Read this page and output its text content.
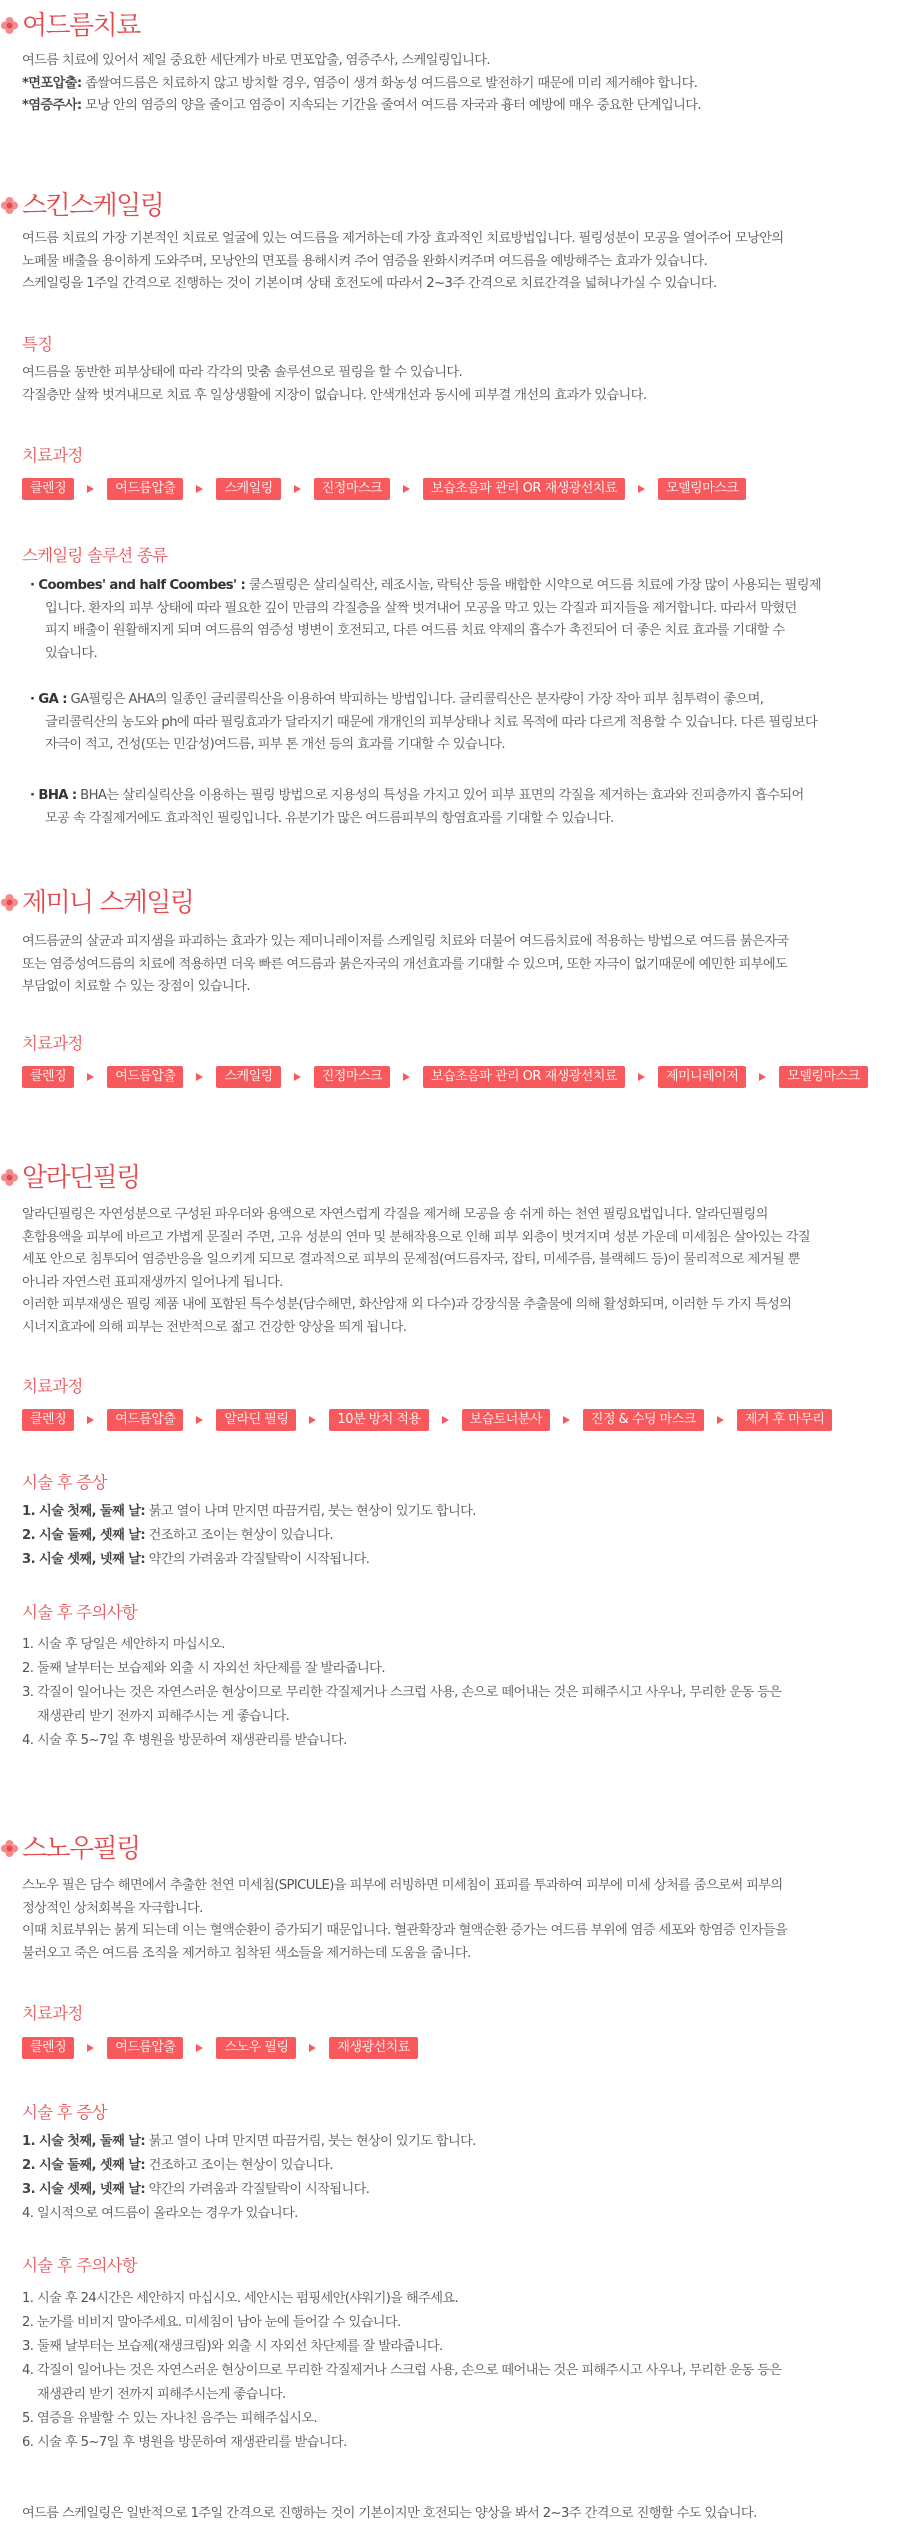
여드름치료

여드름 치료에 있어서 제일 중요한 세단계가 바로 면포압출, 염증주사, 스케일링입니다.
*면포압출: 좁쌀여드름은 치료하지 않고 방치할 경우, 염증이 생겨 화농성 여드름으로 발전하기 때문에 미리 제거해야 합니다.
*염증주사: 모낭 안의 염증의 양을 줄이고 염증이 지속되는 기간을 줄여서 여드름 자국과 흉터 예방에 매우 중요한 단계입니다.

스킨스케일링

여드름 치료의 가장 기본적인 치료로 얼굴에 있는 여드름을 제거하는데 가장 효과적인 치료방법입니다. 필링성분이 모공을 열어주어 모낭안의
노폐물 배출을 용이하게 도와주며, 모낭안의 면포를 용해시켜 주어 염증을 완화시켜주며 여드름을 예방해주는 효과가 있습니다.
스케일링을 1주일 간격으로 진행하는 것이 기본이며 상태 호전도에 따라서 2~3주 간격으로 치료간격을 넓혀나가실 수 있습니다.

특징

여드름을 동반한 피부상태에 따라 각각의 맞춤 솔루션으로 필링을 할 수 있습니다.
각질층만 살짝 벗겨내므로 치료 후 일상생활에 지장이 없습니다. 안색개선과 동시에 피부결 개선의 효과가 있습니다.

치료과정
클렌징	여드름압출	스케일링	진정마스크	보습초음파 관리 OR 재생광선치료	모델링마스크
스케일링 솔루션 종류

· Coombes' and half Coombes' : 쿨스필링은 살리실릭산, 레조시놀, 락틱산 등을 배합한 시약으로 여드름 치료에 가장 많이 사용되는 필링제
입니다. 환자의 피부 상태에 따라 필요한 깊이 만큼의 각질층을 살짝 벗겨내어 모공을 막고 있는 각질과 피지들을 제거합니다. 따라서 막혔던
피지 배출이 원활해지게 되며 여드름의 염증성 병변이 호전되고, 다른 여드름 치료 약제의 흡수가 촉진되어 더 좋은 치료 효과를 기대할 수
있습니다.

· GA : GA필링은 AHA의 일종인 글리콜릭산을 이용하여 박피하는 방법입니다. 글리콜릭산은 분자량이 가장 작아 피부 침투력이 좋으며,
글리콜릭산의 농도와 ph에 따라 필링효과가 달라지기 때문에 개개인의 피부상태나 치료 목적에 따라 다르게 적용할 수 있습니다. 다른 필링보다
자극이 적고, 건성(또는 민감성)여드름, 피부 톤 개선 등의 효과를 기대할 수 있습니다.

· BHA : BHA는 살리실릭산을 이용하는 필링 방법으로 지용성의 특성을 가지고 있어 피부 표면의 각질을 제거하는 효과와 진피층까지 흡수되어
모공 속 각질제거에도 효과적인 필링입니다. 유분기가 많은 여드름피부의 항염효과를 기대할 수 있습니다.

제미니 스케일링

여드름균의 살균과 피지샘을 파괴하는 효과가 있는 제미니레이저를 스케일링 치료와 더불어 여드름치료에 적용하는 방법으로 여드름 붉은자국
또는 염증성여드름의 치료에 적용하면 더욱 빠른 여드름과 붉은자국의 개선효과를 기대할 수 있으며, 또한 자극이 없기때문에 예민한 피부에도
부담없이 치료할 수 있는 장점이 있습니다.

치료과정
클렌징	여드름압출	스케일링	진정마스크	보습초음파 관리 OR 재생광선치료	제미니레이저	모델링마스크
알라딘필링

알라딘필링은 자연성분으로 구성된 파우더와 용액으로 자연스럽게 각질을 제거해 모공을 숑 쉬게 하는 천연 필링요법입니다. 알라딘필링의
혼합용액을 피부에 바르고 가볍게 문질러 주면, 고유 성분의 연마 및 분해작용으로 인해 피부 외층이 벗겨지며 성분 가운데 미세침은 살아있는 각질
세포 안으로 침투되어 염증반응을 일으키게 되므로 결과적으로 피부의 문제점(여드름자국, 잡티, 미세주름, 블랙헤드 등)이 물리적으로 제거될 뿐
아니라 자연스런 표피재생까지 일어나게 됩니다.
이러한 피부재생은 필링 제품 내에 포함된 특수성분(담수해면, 화산암재 외 다수)과 강장식물 추출물에 의해 활성화되며, 이러한 두 가지 특성의
시너지효과에 의해 피부는 전반적으로 젊고 건강한 양상을 띄게 됩니다.

치료과정
클렌징	여드름압출	알라딘 필링	10분 방치 적용	보습토너분사	진정 & 수딩 마스크	제거 후 마무리
시술 후 증상
1. 시술 첫째, 둘째 날: 붉고 열이 나며 만지면 따끔거림, 붓는 현상이 있기도 합니다.
2. 시술 둘째, 셋째 날: 건조하고 조이는 현상이 있습니다.
3. 시술 셋째, 넷째 날: 약간의 가려움과 각질탈락이 시작됩니다.
시술 후 주의사항
1. 시술 후 당일은 세안하지 마십시오.
2. 둘째 날부터는 보습제와 외출 시 자외선 차단제를 잘 발라줍니다.
3. 각질이 일어나는 것은 자연스러운 현상이므로 무리한 각질제거나 스크럽 사용, 손으로 떼어내는 것은 피해주시고 사우나, 무리한 운동 등은
재생관리 받기 전까지 피해주시는 게 좋습니다.
4. 시술 후 5~7일 후 병원을 방문하여 재생관리를 받습니다.
스노우필링

스노우 필은 담수 해면에서 추출한 천연 미세침(SPICULE)을 피부에 러빙하면 미세침이 표피를 투과하여 피부에 미세 상처를 줌으로써 피부의
정상적인 상처회복을 자극합니다.
이때 치료부위는 붉게 되는데 이는 혈액순환이 증가되기 때문입니다. 혈관확장과 혈액순환 증가는 여드름 부위에 염증 세포와 항염증 인자들을
불러오고 죽은 여드름 조직을 제거하고 침착된 색소들을 제거하는데 도움을 줍니다.

치료과정
클렌징	여드름압출	스노우 필링	재생광선치료
시술 후 증상
1. 시술 첫째, 둘째 날: 붉고 열이 나며 만지면 따끔거림, 붓는 현상이 있기도 합니다.
2. 시술 둘째, 셋째 날: 건조하고 조이는 현상이 있습니다.
3. 시술 셋째, 넷째 날: 약간의 가려움과 각질탈락이 시작됩니다.
4. 일시적으로 여드름이 올라오는 경우가 있습니다.
시술 후 주의사항
1. 시술 후 24시간은 세안하지 마십시오. 세안시는 펌핑세안(샤워기)을 해주세요.
2. 눈가를 비비지 말아주세요. 미세침이 남아 눈에 들어갈 수 있습니다.
3. 둘째 날부터는 보습제(재생크림)와 외출 시 자외선 차단제를 잘 발라줍니다.
4. 각질이 일어나는 것은 자연스러운 현상이므로 무리한 각질제거나 스크럽 사용, 손으로 떼어내는 것은 피해주시고 사우나, 무리한 운동 등은
재생관리 받기 전까지 피해주시는게 좋습니다.
5. 염증을 유발할 수 있는 자나친 음주는 피해주십시오.
6. 시술 후 5~7일 후 병원을 방문하여 재생관리를 받습니다.

여드름 스케일링은 일반적으로 1주일 간격으로 진행하는 것이 기본이지만 호전되는 양상을 봐서 2~3주 간격으로 진행할 수도 있습니다.
